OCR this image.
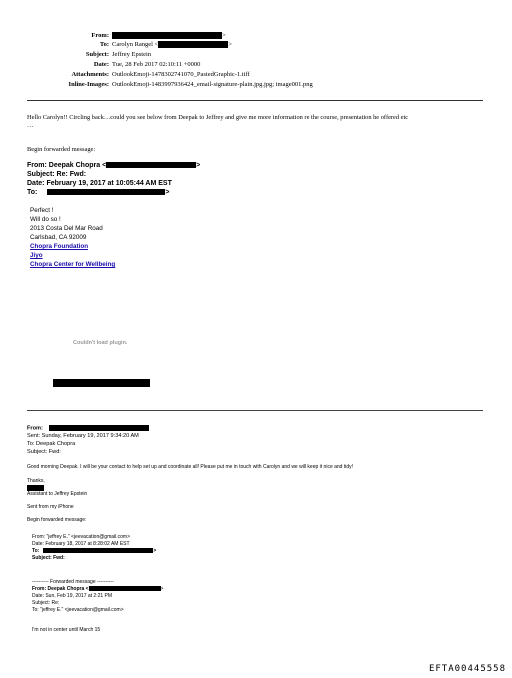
From:	>
To: Carolyn Rangel <	>
Subject: Jeffrey Epstein
Date: Tue, 28 Feb 2017 02:10:11 +0000
Attachments: OutlookEmoji-1478302741070_PastedGraphic-1.tiff
Inline-Images: OutlookEmoji-1483997936424_email-signature-plain.jpg.jpg; image001.png
Hello Carolyn!! Circling back…could you see below from Deepak to Jeffrey and give me more information re the course, presentation he offered etc
…
Begin forwarded message:
From: Deepak Chopra <	>
Subject: Re: Fwd:
Date: February 19, 2017 at 10:05:44 AM EST
To:	>
Perfect !
Will do so !
2013 Costa Del Mar Road
Carlsbad, CA 92009
Chopra Foundation
Jiyo
Chopra Center for Wellbeing
Couldn't load plugin.
From:
Sent: Sunday, February 19, 2017 9:34:20 AM
To: Deepak Chopra
Subject: Fwd:
Good morning Deepak. I will be your contact to help set up and coordinate all! Please put me in touch with Carolyn and we will keep it nice and tidy!
Thanks,
Assistant to Jeffrey Epstein
Sent from my iPhone
Begin forwarded message:
From: "jeffrey E." <jeevacation@gmail.com>
Date: February 18, 2017 at 8:28:02 AM EST
To:	>
Subject: Fwd:
---------- Forwarded message ----------
From: Deepak Chopra <	>
Date: Sun, Feb 19, 2017 at 2:21 PM
Subject: Re:
To: "jeffrey E." <jeevacation@gmail.com>
I'm not in center until March 15
EFTA00445558
